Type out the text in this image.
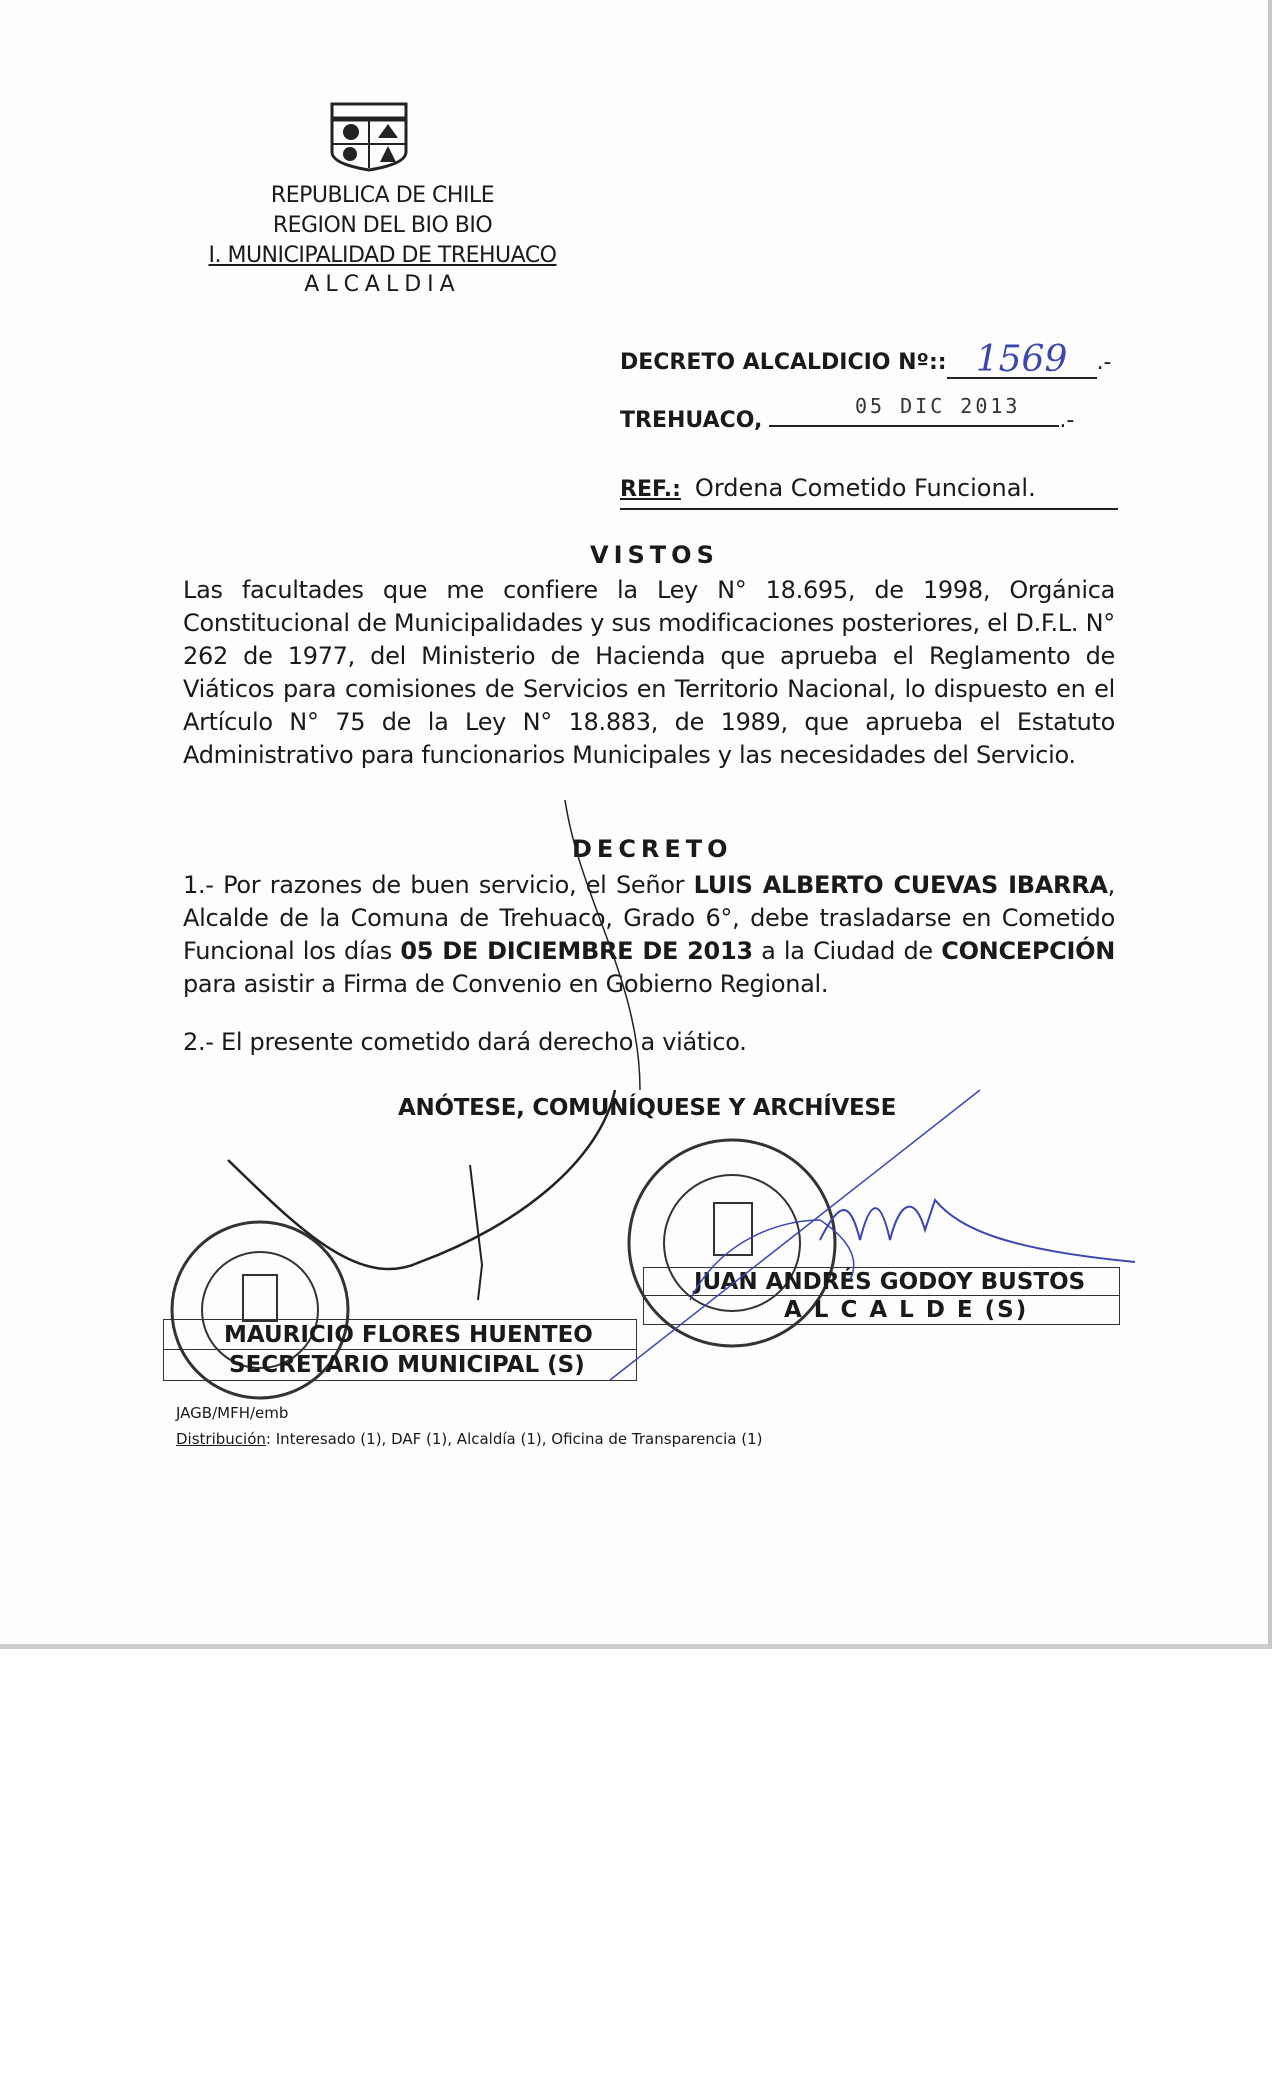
REPUBLICA DE CHILE
REGION DEL BIO BIO
I. MUNICIPALIDAD DE TREHUACO
ALCALDIA
DECRETO ALCALDICIO Nº:: 1569 .-
05 DIC 2013
TREHUACO,	.-
REF.: Ordena Cometido Funcional.
VISTOS
Las facultades que me confiere la Ley N° 18.695, de 1998, Orgánica Constitucional de Municipalidades y sus modificaciones posteriores, el D.F.L. N° 262 de 1977, del Ministerio de Hacienda que aprueba el Reglamento de Viáticos para comisiones de Servicios en Territorio Nacional, lo dispuesto en el Artículo N° 75 de la Ley N° 18.883, de 1989, que aprueba el Estatuto Administrativo para funcionarios Municipales y las necesidades del Servicio.
DECRETO
1.- Por razones de buen servicio, el Señor LUIS ALBERTO CUEVAS IBARRA, Alcalde de la Comuna de Trehuaco, Grado 6°, debe trasladarse en Cometido Funcional los días 05 DE DICIEMBRE DE 2013 a la Ciudad de CONCEPCIÓN para asistir a Firma de Convenio en Gobierno Regional.
2.- El presente cometido dará derecho a viático.
ANÓTESE, COMUNÍQUESE Y ARCHÍVESE
JUAN ANDRÉS GODOY BUSTOS
A L C A L D E (S)
MAURICIO FLORES HUENTEO
SECRETARIO MUNICIPAL (S)
JAGB/MFH/emb
Distribución: Interesado (1), DAF (1), Alcaldía (1), Oficina de Transparencia (1)
